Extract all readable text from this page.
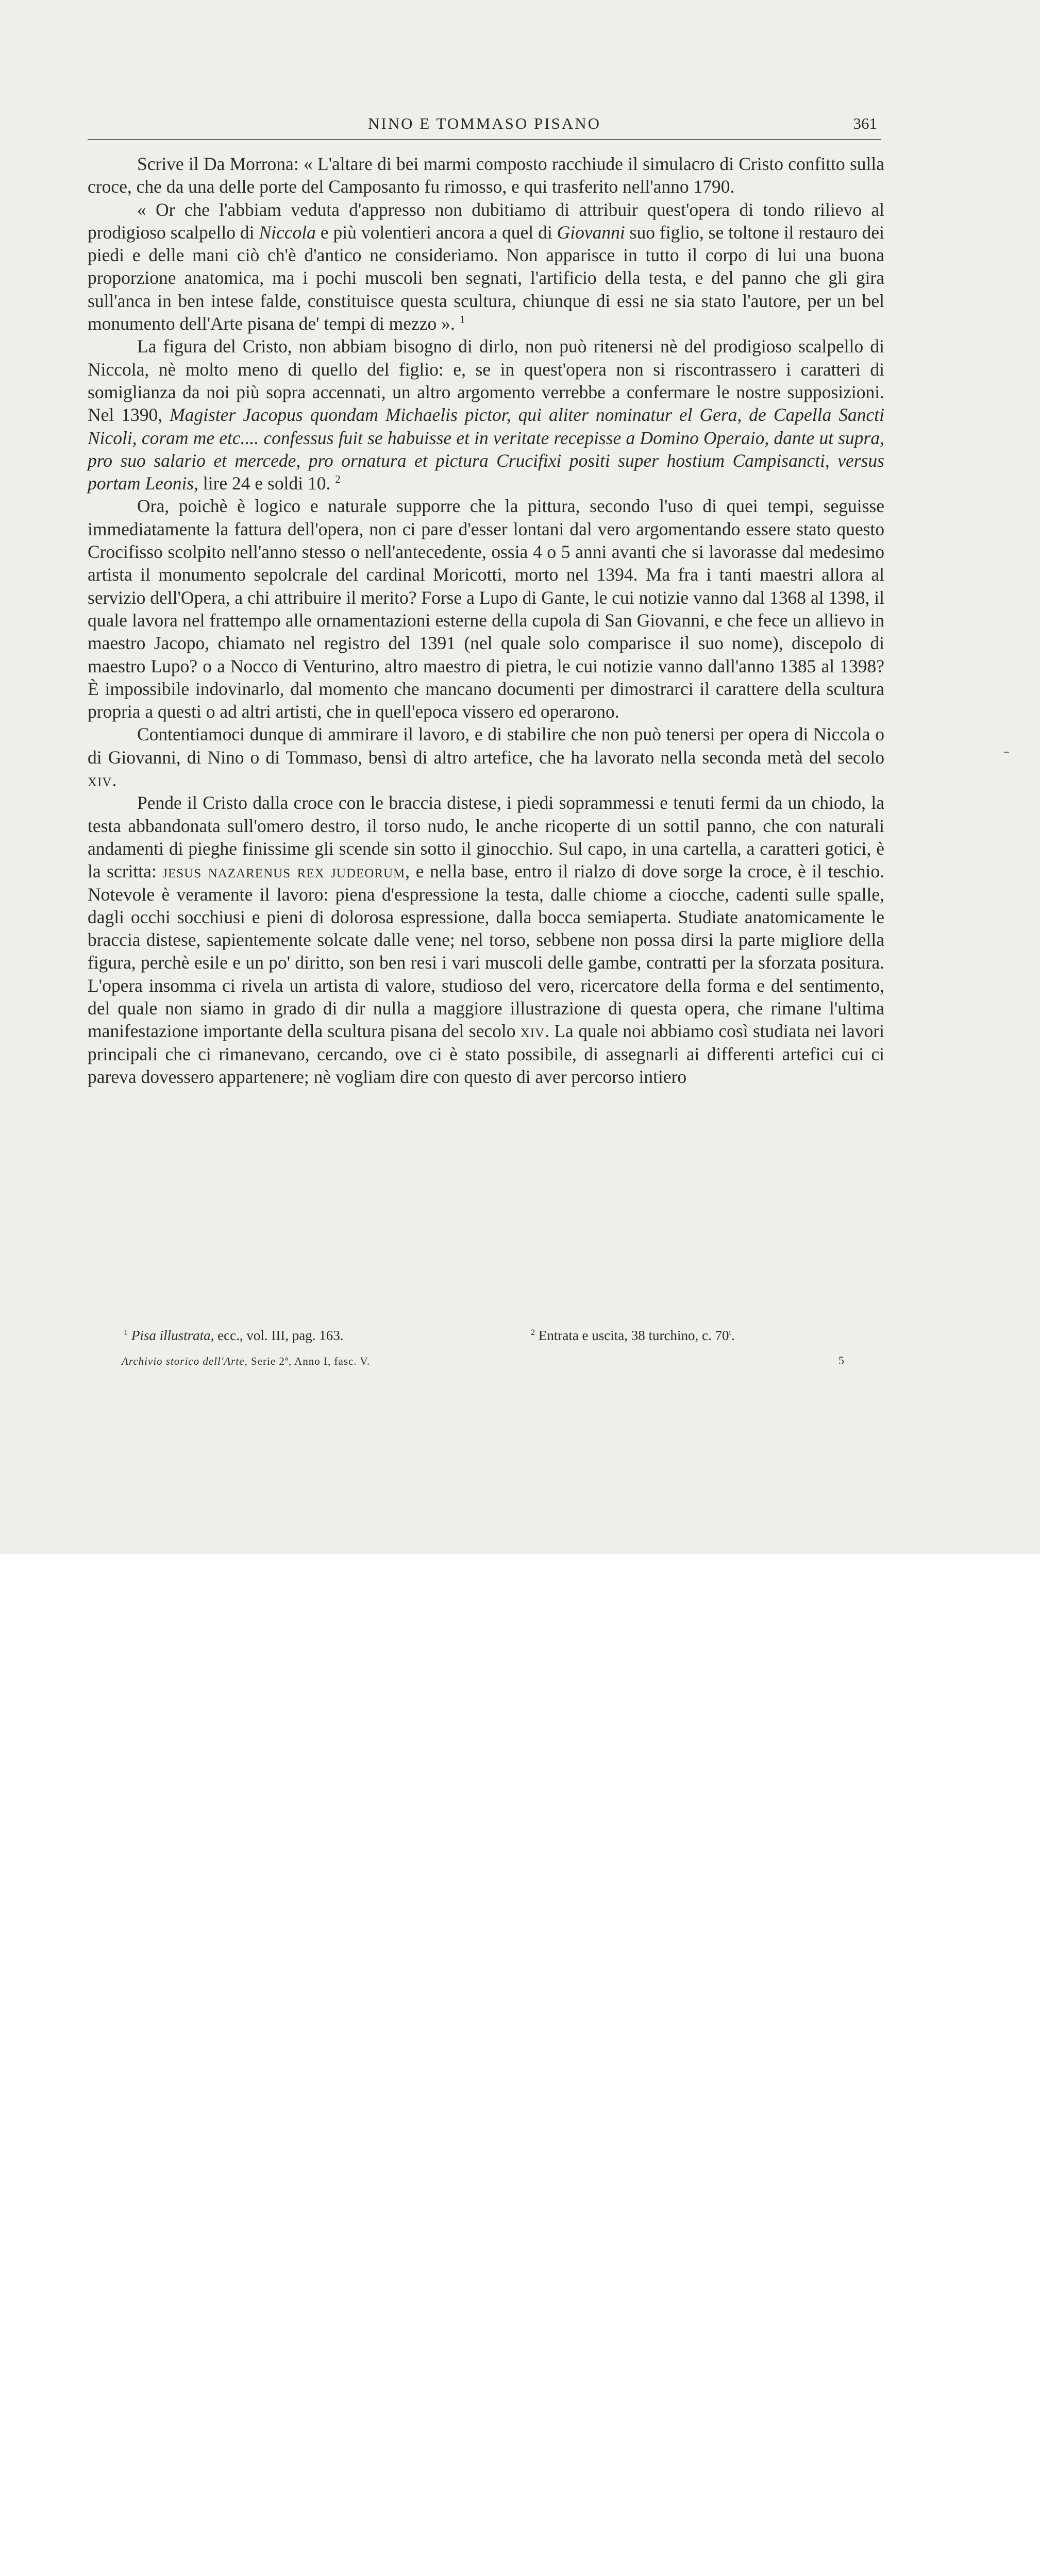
NINO E TOMMASO PISANO	361

Scrive il Da Morrona: « L'altare di bei marmi composto racchiude il simulacro di Cristo confitto sulla croce, che da una delle porte del Camposanto fu rimosso, e qui trasferito nell'anno 1790.

« Or che l'abbiam veduta d'appresso non dubitiamo di attribuir quest'opera di tondo rilievo al prodigioso scalpello di Niccola e più volentieri ancora a quel di Giovanni suo figlio, se toltone il restauro dei piedi e delle mani ciò ch'è d'antico ne consideriamo. Non apparisce in tutto il corpo di lui una buona proporzione anatomica, ma i pochi muscoli ben segnati, l'artificio della testa, e del panno che gli gira sull'anca in ben intese falde, constituisce questa scultura, chiunque di essi ne sia stato l'autore, per un bel monumento dell'Arte pisana de' tempi di mezzo ». $^1$

La figura del Cristo, non abbiam bisogno di dirlo, non può ritenersi nè del prodigioso scalpello di Niccola, nè molto meno di quello del figlio: e, se in quest'opera non si riscontrassero i caratteri di somiglianza da noi più sopra accennati, un altro argomento verrebbe a confermare le nostre supposizioni. Nel 1390, Magister Jacopus quondam Michaelis pictor, qui aliter nominatur el Gera, de Capella Sancti Nicoli, coram me etc.... confessus fuit se habuisse et in veritate recepisse a Domino Operaio, dante ut supra, pro suo salario et mercede, pro ornatura et pictura Crucifixi positi super hostium Campisancti, versus portam Leonis, lire 24 e soldi 10. $^2$

Ora, poichè è logico e naturale supporre che la pittura, secondo l'uso di quei tempi, seguisse immediatamente la fattura dell'opera, non ci pare d'esser lontani dal vero argomentando essere stato questo Crocifisso scolpito nell'anno stesso o nell'antecedente, ossia 4 o 5 anni avanti che si lavorasse dal medesimo artista il monumento sepolcrale del cardinal Moricotti, morto nel 1394. Ma fra i tanti maestri allora al servizio dell'Opera, a chi attribuire il merito? Forse a Lupo di Gante, le cui notizie vanno dal 1368 al 1398, il quale lavora nel frattempo alle ornamentazioni esterne della cupola di San Giovanni, e che fece un allievo in maestro Jacopo, chiamato nel registro del 1391 (nel quale solo comparisce il suo nome), discepolo di maestro Lupo? o a Nocco di Venturino, altro maestro di pietra, le cui notizie vanno dall'anno 1385 al 1398? È impossibile indovinarlo, dal momento che mancano documenti per dimostrarci il carattere della scultura propria a questi o ad altri artisti, che in quell'epoca vissero ed operarono.

Contentiamoci dunque di ammirare il lavoro, e di stabilire che non può tenersi per opera di Niccola o di Giovanni, di Nino o di Tommaso, bensì di altro artefice, che ha lavorato nella seconda metà del secolo xiv.

Pende il Cristo dalla croce con le braccia distese, i piedi soprammessi e tenuti fermi da un chiodo, la testa abbandonata sull'omero destro, il torso nudo, le anche ricoperte di un sottil panno, che con naturali andamenti di pieghe finissime gli scende sin sotto il ginocchio. Sul capo, in una cartella, a caratteri gotici, è la scritta: jesus nazarenus rex judeorum, e nella base, entro il rialzo di dove sorge la croce, è il teschio. Notevole è veramente il lavoro: piena d'espressione la testa, dalle chiome a ciocche, cadenti sulle spalle, dagli occhi socchiusi e pieni di dolorosa espressione, dalla bocca semiaperta. Studiate anatomicamente le braccia distese, sapientemente solcate dalle vene; nel torso, sebbene non possa dirsi la parte migliore della figura, perchè esile e un po' diritto, son ben resi i vari muscoli delle gambe, contratti per la sforzata positura. L'opera insomma ci rivela un artista di valore, studioso del vero, ricercatore della forma e del sentimento, del quale non siamo in grado di dir nulla a maggiore illustrazione di questa opera, che rimane l'ultima manifestazione importante della scultura pisana del secolo xiv. La quale noi abbiamo così studiata nei lavori principali che ci rimanevano, cercando, ove ci è stato possibile, di assegnarli ai differenti artefici cui ci pareva dovessero appartenere; nè vogliam dire con questo di aver percorso intiero

$^1$ Pisa illustrata, ecc., vol. III, pag. 163.	$^2$ Entrata e uscita, 38 turchino, c. 70$^t$.
Archivio storico dell'Arte, Serie 2ª, Anno I, fasc. V.	5
